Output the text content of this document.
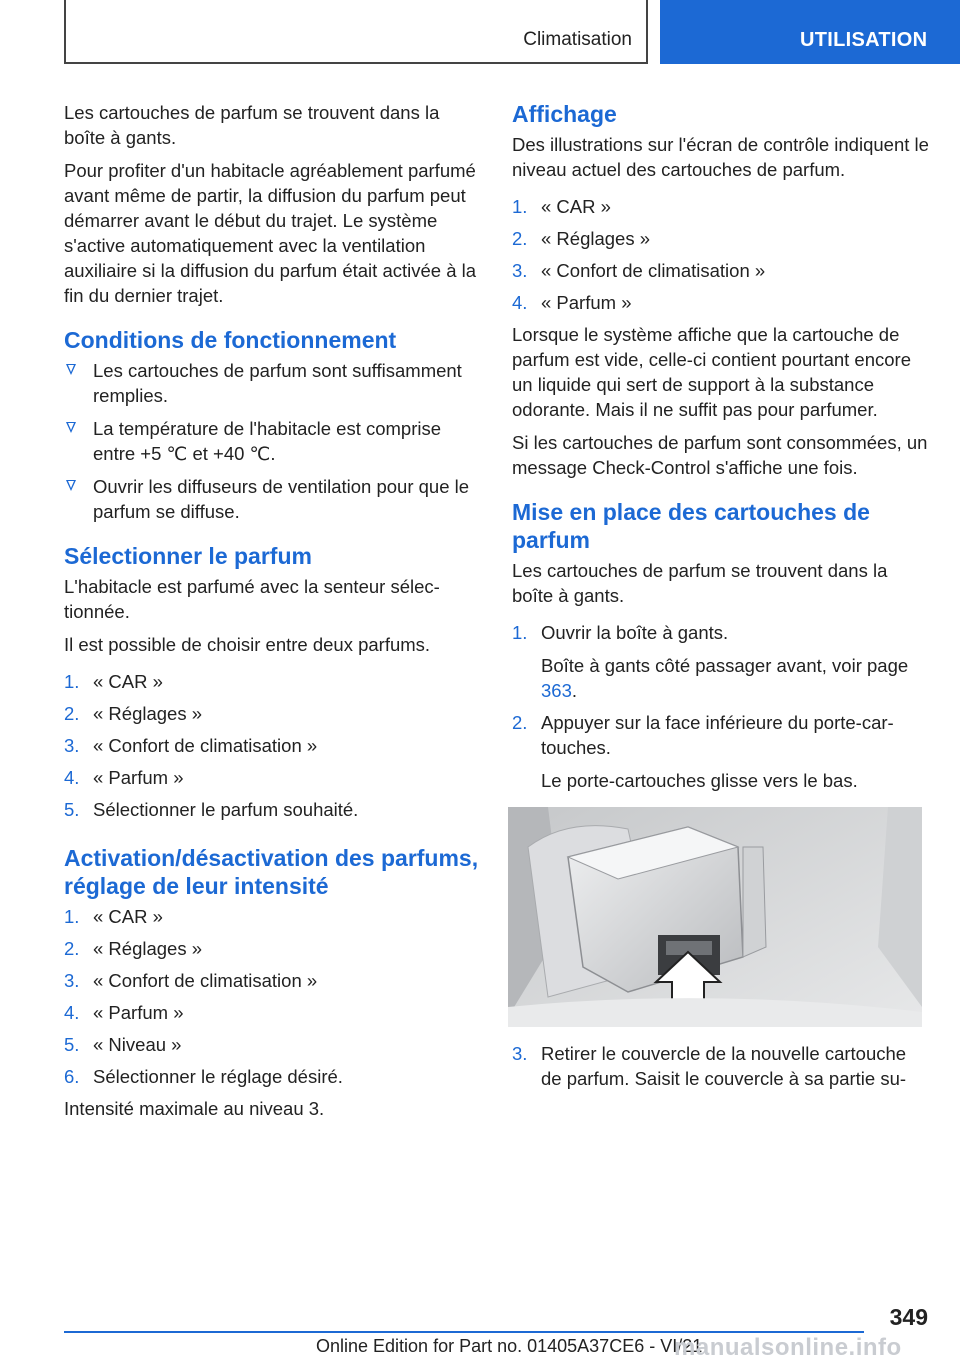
Climatisation	UTILISATION

Les cartouches de parfum se trouvent dans la boîte à gants.

Pour profiter d'un habitacle agréablement parfumé avant même de partir, la diffusion du parfum peut démarrer avant le début du trajet. Le système s'active automatiquement avec la ventilation auxiliaire si la diffusion du parfum était activée à la fin du dernier trajet.

Conditions de fonctionnement
Les cartouches de parfum sont suffisamment remplies.
La température de l'habitacle est comprise entre +5 ℃ et +40 ℃.
Ouvrir les diffuseurs de ventilation pour que le parfum se diffuse.
Sélectionner le parfum

L'habitacle est parfumé avec la senteur sélectionnée.

Il est possible de choisir entre deux parfums.

1. « CAR »
2. « Réglages »
3. « Confort de climatisation »
4. « Parfum »
5. Sélectionner le parfum souhaité.
Activation/désactivation des parfums, réglage de leur intensité
1. « CAR »
2. « Réglages »
3. « Confort de climatisation »
4. « Parfum »
5. « Niveau »
6. Sélectionner le réglage désiré.

Intensité maximale au niveau 3.

Affichage

Des illustrations sur l'écran de contrôle indiquent le niveau actuel des cartouches de parfum.

1. « CAR »
2. « Réglages »
3. « Confort de climatisation »
4. « Parfum »

Lorsque le système affiche que la cartouche de parfum est vide, celle-ci contient pourtant encore un liquide qui sert de support à la substance odorante. Mais il ne suffit pas pour parfumer.

Si les cartouches de parfum sont consommées, un message Check-Control s'affiche une fois.

Mise en place des cartouches de parfum

Les cartouches de parfum se trouvent dans la boîte à gants.

1. Ouvrir la boîte à gants.
Boîte à gants côté passager avant, voir page 363.
2. Appuyer sur la face inférieure du porte-cartouches.
Le porte-cartouches glisse vers le bas.
3. Retirer le couvercle de la nouvelle cartouche de parfum. Saisit le couvercle à sa partie su-
349
Online Edition for Part no. 01405A37CE6 - VI/21
manualsonline.info
